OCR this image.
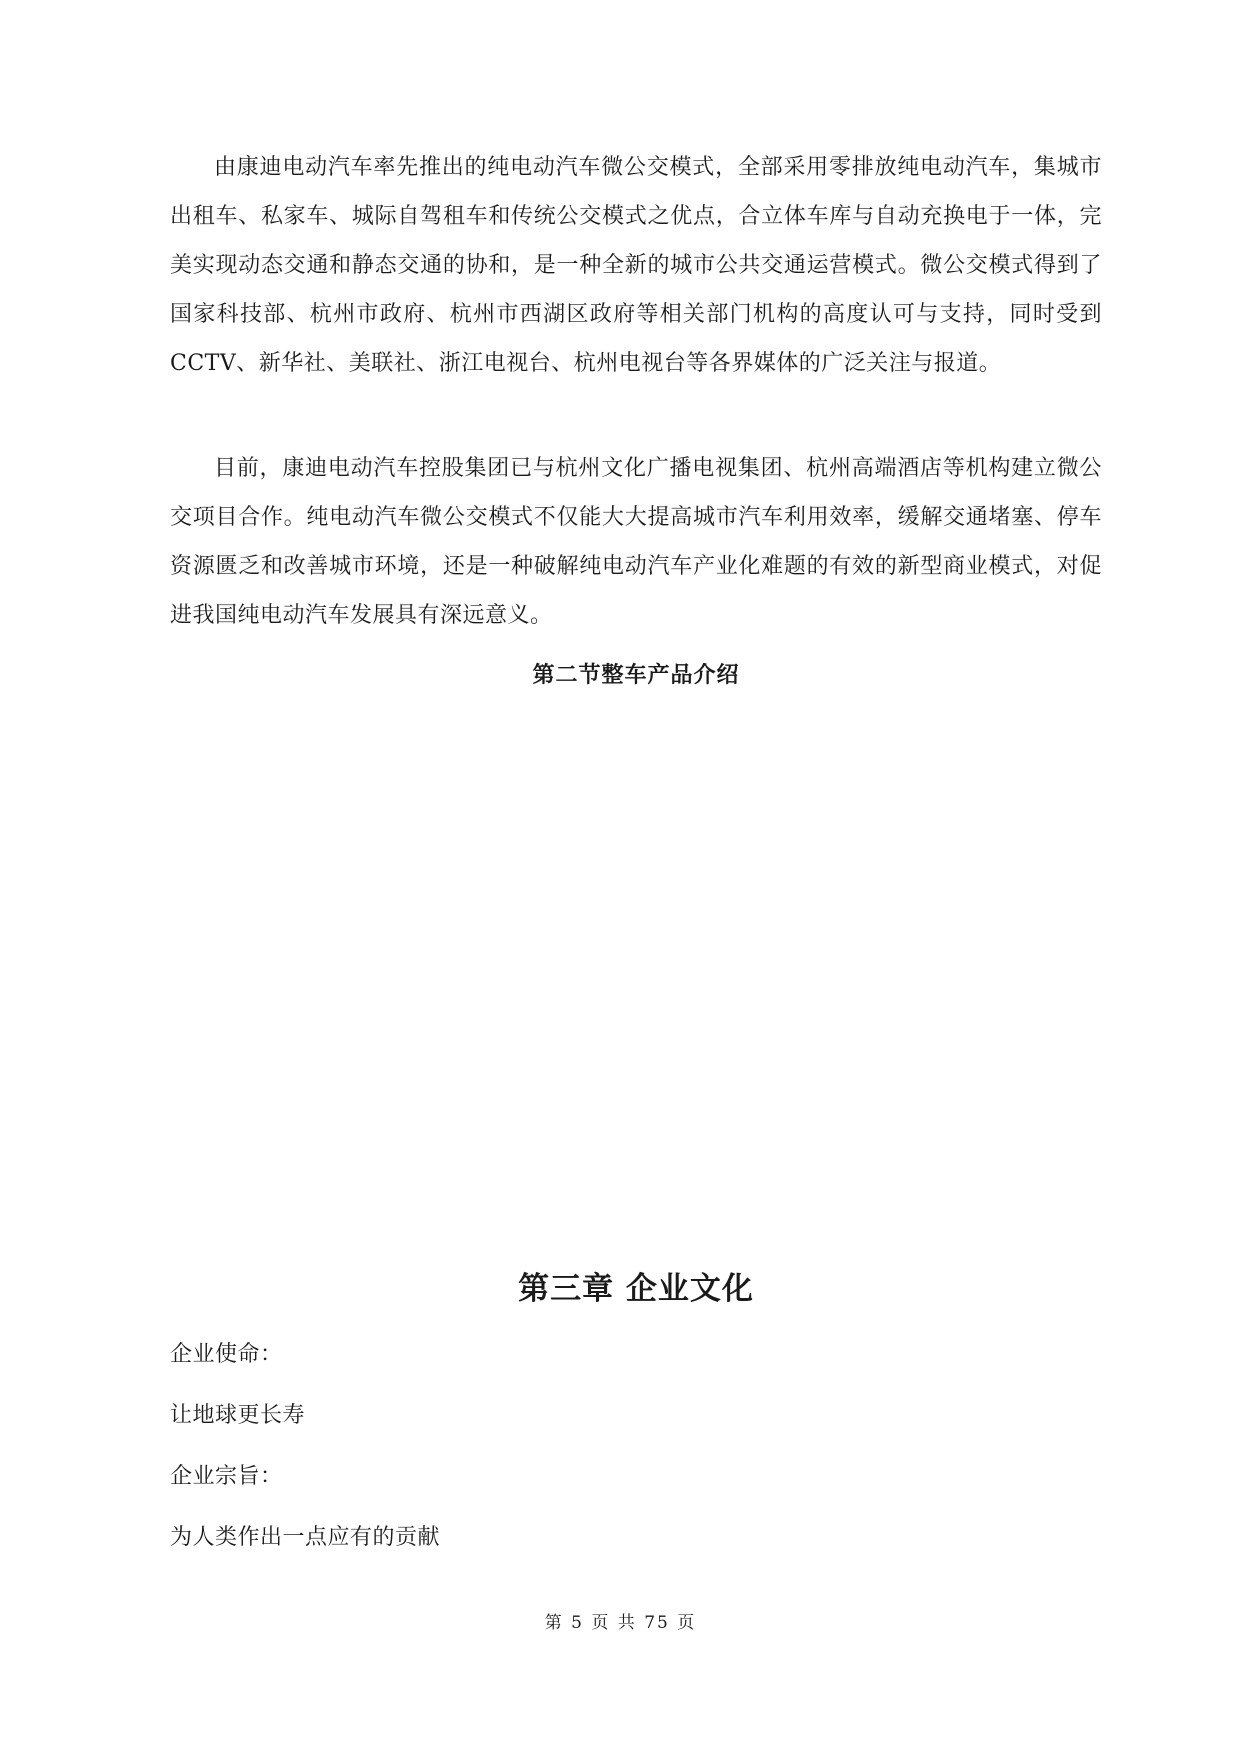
由康迪电动汽车率先推出的纯电动汽车微公交模式，全部采用零排放纯电动汽车，集城市出租车、私家车、城际自驾租车和传统公交模式之优点，合立体车库与自动充换电于一体，完美实现动态交通和静态交通的协和，是一种全新的城市公共交通运营模式。微公交模式得到了国家科技部、杭州市政府、杭州市西湖区政府等相关部门机构的高度认可与支持，同时受到 CCTV、新华社、美联社、浙江电视台、杭州电视台等各界媒体的广泛关注与报道。

目前，康迪电动汽车控股集团已与杭州文化广播电视集团、杭州高端酒店等机构建立微公交项目合作。纯电动汽车微公交模式不仅能大大提高城市汽车利用效率，缓解交通堵塞、停车资源匮乏和改善城市环境，还是一种破解纯电动汽车产业化难题的有效的新型商业模式，对促进我国纯电动汽车发展具有深远意义。

第二节整车产品介绍
第三章 企业文化

企业使命：

让地球更长寿

企业宗旨：

为人类作出一点应有的贡献

第 5 页 共 75 页
